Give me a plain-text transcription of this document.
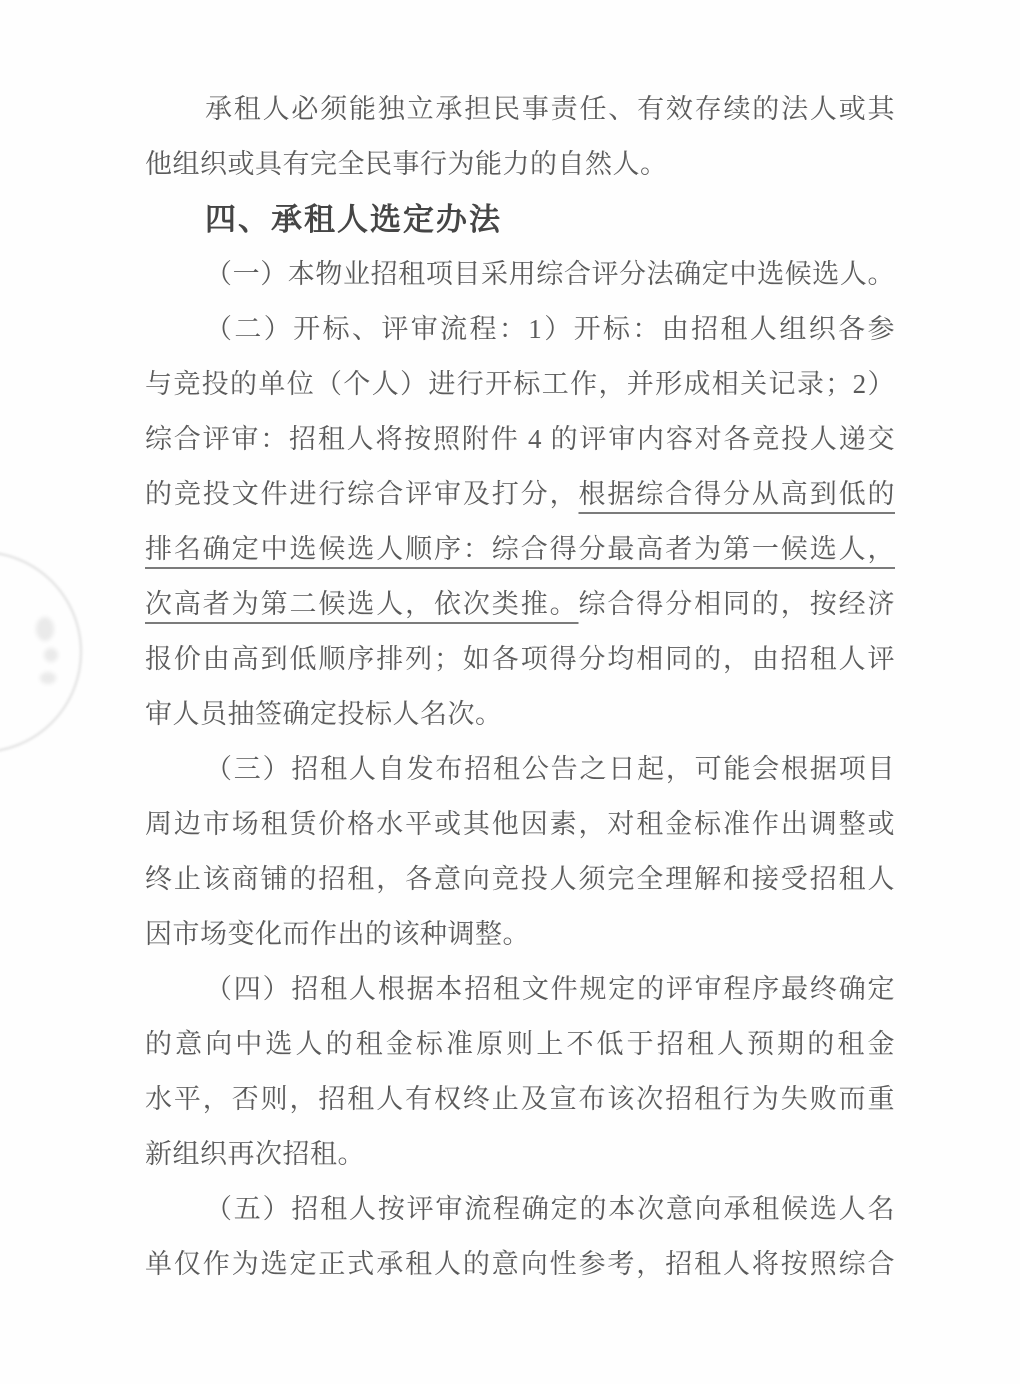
承租人必须能独立承担民事责任、有效存续的法人或其
他组织或具有完全民事行为能力的自然人。
四、承租人选定办法
（一）本物业招租项目采用综合评分法确定中选候选人。
（二）开标、评审流程：1）开标：由招租人组织各参
与竞投的单位（个人）进行开标工作，并形成相关记录；2）
综合评审：招租人将按照附件 4 的评审内容对各竞投人递交
的竞投文件进行综合评审及打分，根据综合得分从高到低的
排名确定中选候选人顺序：综合得分最高者为第一候选人，
次高者为第二候选人，依次类推。综合得分相同的，按经济
报价由高到低顺序排列；如各项得分均相同的，由招租人评
审人员抽签确定投标人名次。
（三）招租人自发布招租公告之日起，可能会根据项目
周边市场租赁价格水平或其他因素，对租金标准作出调整或
终止该商铺的招租，各意向竞投人须完全理解和接受招租人
因市场变化而作出的该种调整。
（四）招租人根据本招租文件规定的评审程序最终确定
的意向中选人的租金标准原则上不低于招租人预期的租金
水平，否则，招租人有权终止及宣布该次招租行为失败而重
新组织再次招租。
（五）招租人按评审流程确定的本次意向承租候选人名
单仅作为选定正式承租人的意向性参考，招租人将按照综合
